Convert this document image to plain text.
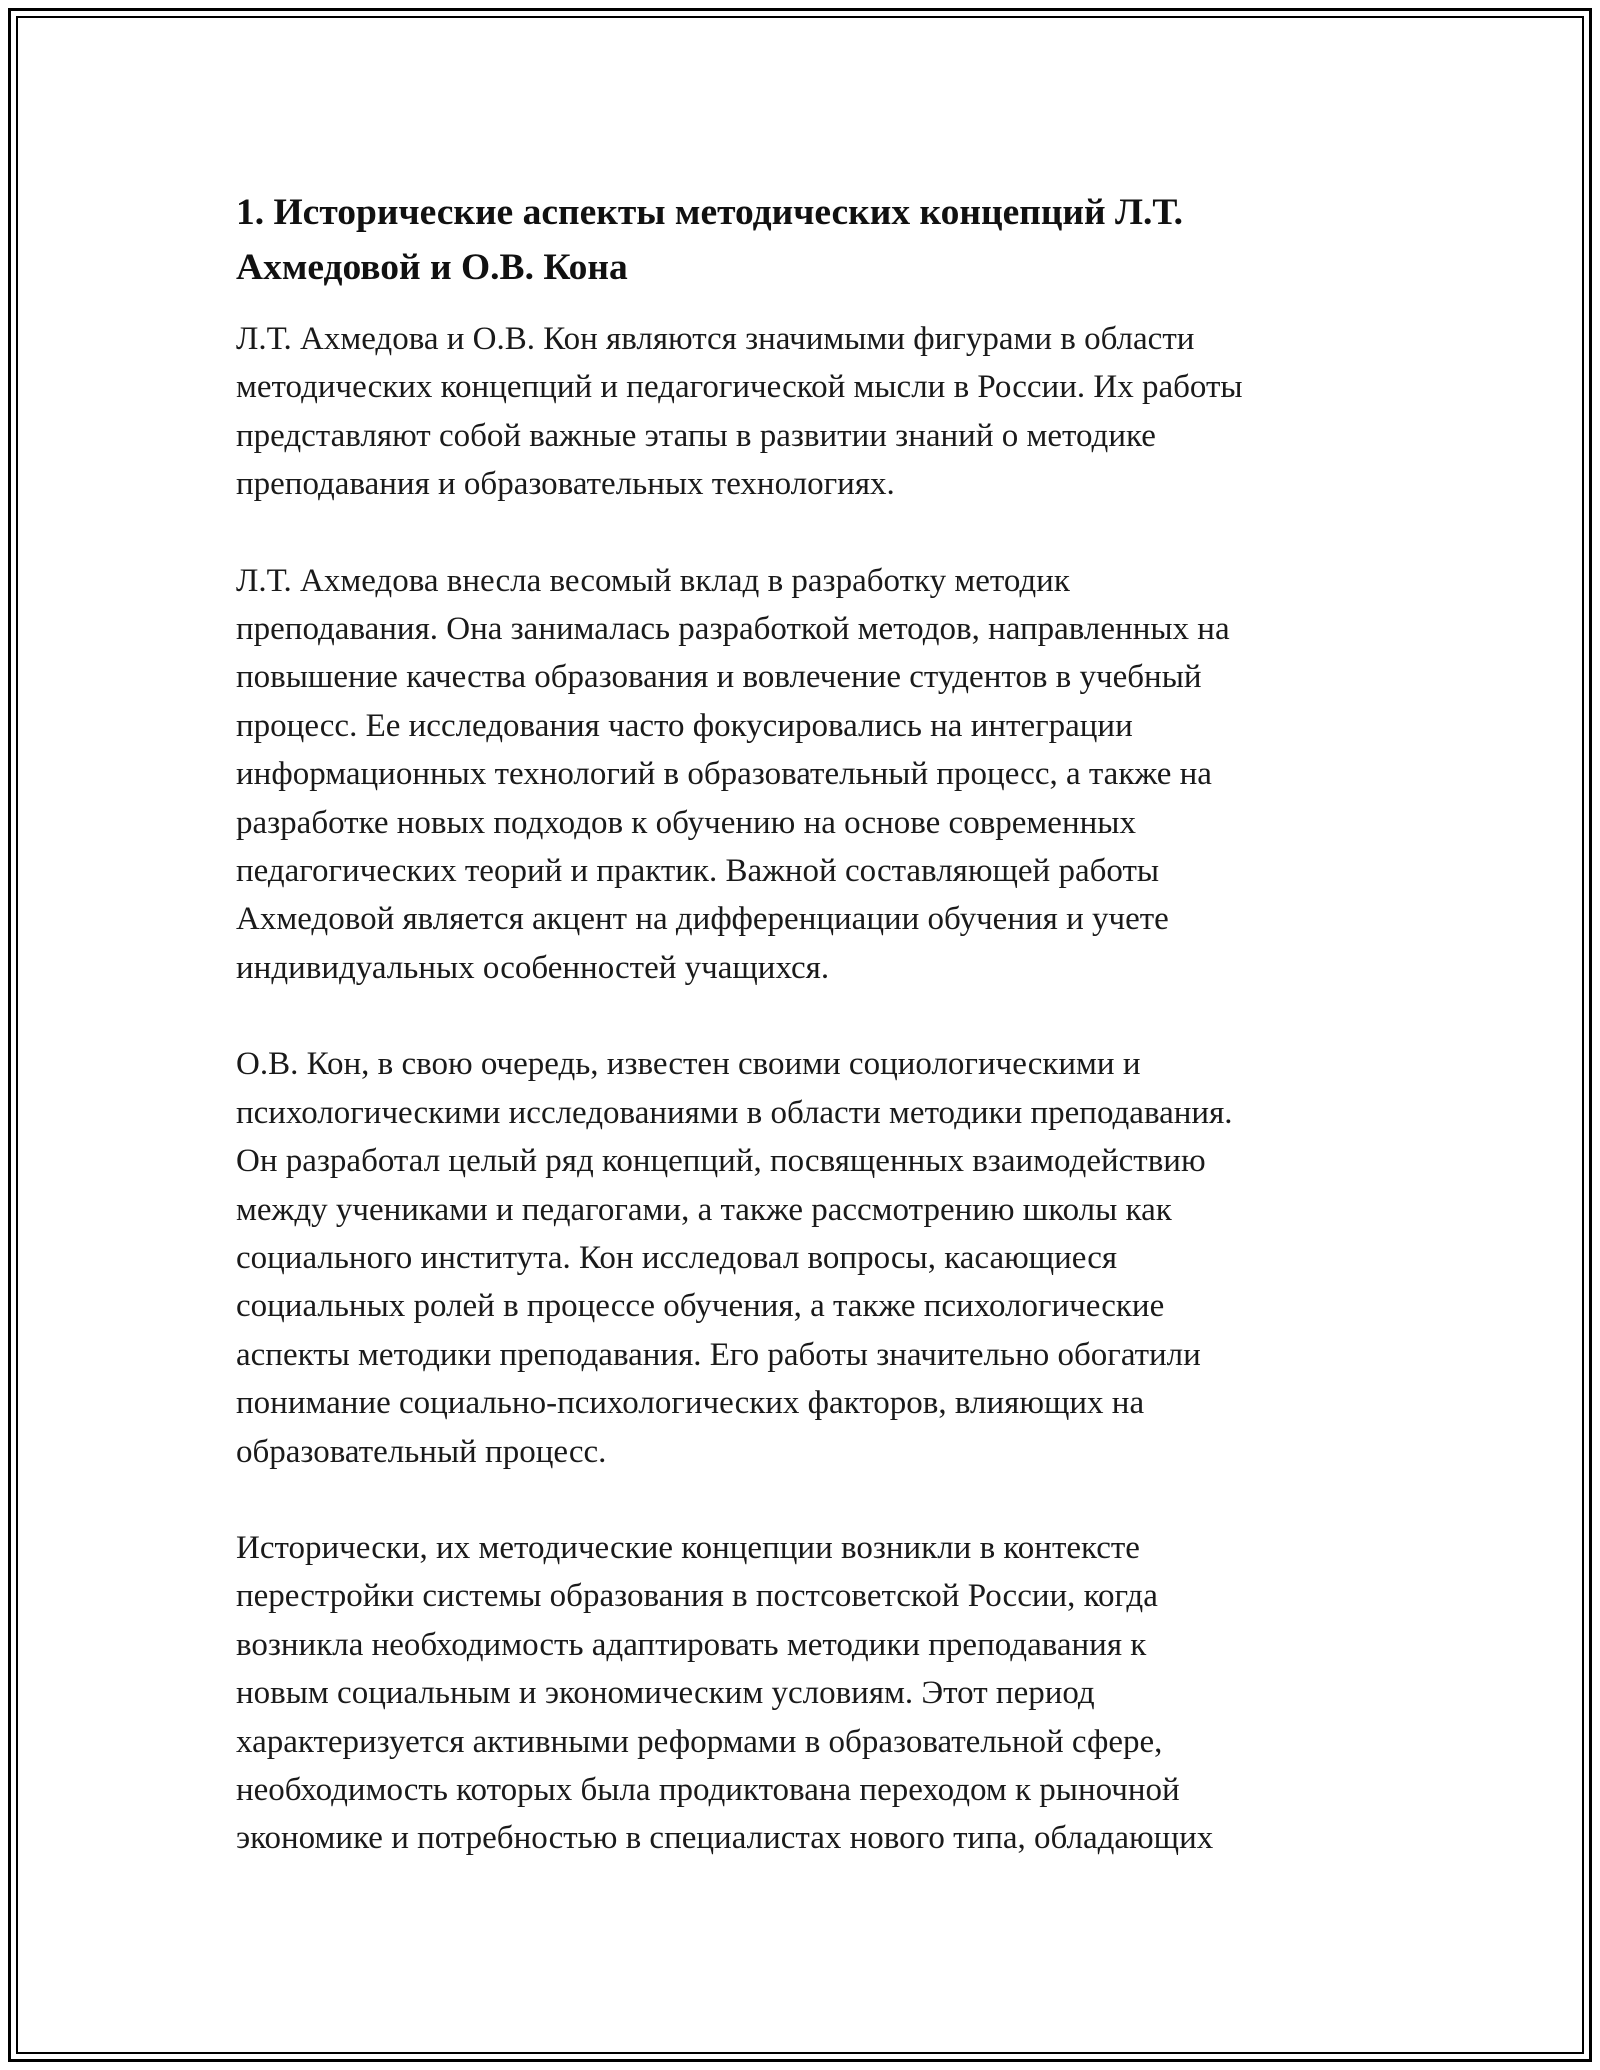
1. Исторические аспекты методических концепций Л.Т.
Ахмедовой и О.В. Кона

Л.Т. Ахмедова и О.В. Кон являются значимыми фигурами в области
методических концепций и педагогической мысли в России. Их работы
представляют собой важные этапы в развитии знаний о методике
преподавания и образовательных технологиях.

Л.Т. Ахмедова внесла весомый вклад в разработку методик
преподавания. Она занималась разработкой методов, направленных на
повышение качества образования и вовлечение студентов в учебный
процесс. Ее исследования часто фокусировались на интеграции
информационных технологий в образовательный процесс, а также на
разработке новых подходов к обучению на основе современных
педагогических теорий и практик. Важной составляющей работы
Ахмедовой является акцент на дифференциации обучения и учете
индивидуальных особенностей учащихся.

О.В. Кон, в свою очередь, известен своими социологическими и
психологическими исследованиями в области методики преподавания.
Он разработал целый ряд концепций, посвященных взаимодействию
между учениками и педагогами, а также рассмотрению школы как
социального института. Кон исследовал вопросы, касающиеся
социальных ролей в процессе обучения, а также психологические
аспекты методики преподавания. Его работы значительно обогатили
понимание социально-психологических факторов, влияющих на
образовательный процесс.

Исторически, их методические концепции возникли в контексте
перестройки системы образования в постсоветской России, когда
возникла необходимость адаптировать методики преподавания к
новым социальным и экономическим условиям. Этот период
характеризуется активными реформами в образовательной сфере,
необходимость которых была продиктована переходом к рыночной
экономике и потребностью в специалистах нового типа, обладающих
